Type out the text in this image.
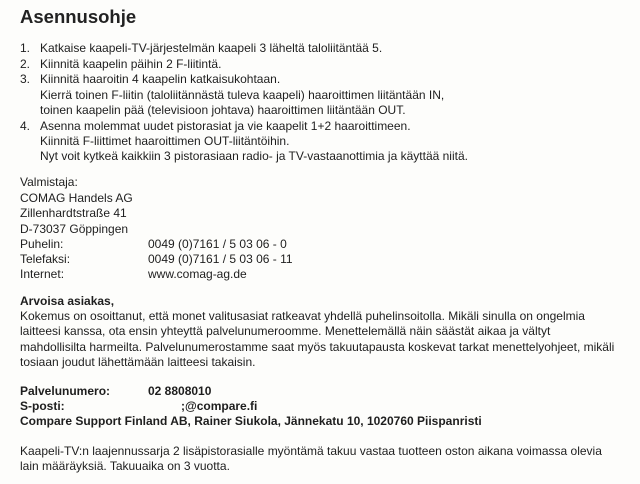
Asennusohje
1. Katkaise kaapeli-TV-järjestelmän kaapeli 3 läheltä taloliitäntää 5.
2. Kiinnitä kaapelin päihin 2 F-liitintä.
3. Kiinnitä haaroitin 4 kaapelin katkaisukohtaan.
Kierrä toinen F-liitin (taloliitännästä tuleva kaapeli) haaroittimen liitäntään IN,
toinen kaapelin pää (televisioon johtava) haaroittimen liitäntään OUT.
4. Asenna molemmat uudet pistorasiat ja vie kaapelit 1+2 haaroittimeen.
Kiinnitä F-liittimet haaroittimen OUT-liitäntöihin.
Nyt voit kytkeä kaikkiin 3 pistorasiaan radio- ja TV-vastaanottimia ja käyttää niitä.
Valmistaja:
COMAG Handels AG
Zillenhardtstraße 41
D-73037 Göppingen
Puhelin:	0049 (0)7161 / 5 03 06 - 0
Telefaksi:	0049 (0)7161 / 5 03 06 - 11
Internet:	www.comag-ag.de
Arvoisa asiakas,
Kokemus on osoittanut, että monet valitusasiat ratkeavat yhdellä puhelinsoitolla. Mikäli sinulla on ongelmia
laitteesi kanssa, ota ensin yhteyttä palvelunumeroomme. Menettelemällä näin säästät aikaa ja vältyt
mahdollisilta harmeilta. Palvelunumerostamme saat myös takuutapausta koskevat tarkat menettelyohjeet, mikäli
tosiaan joudut lähettämään laitteesi takaisin.
Palvelunumero:	02 8808010
S-posti:	;@compare.fi
Compare Support Finland AB, Rainer Siukola, Jännekatu 10, 1020760 Piispanristi
Kaapeli-TV:n laajennussarja 2 lisäpistorasialle myöntämä takuu vastaa tuotteen oston aikana voimassa olevia
lain määräyksiä. Takuuaika on 3 vuotta.
